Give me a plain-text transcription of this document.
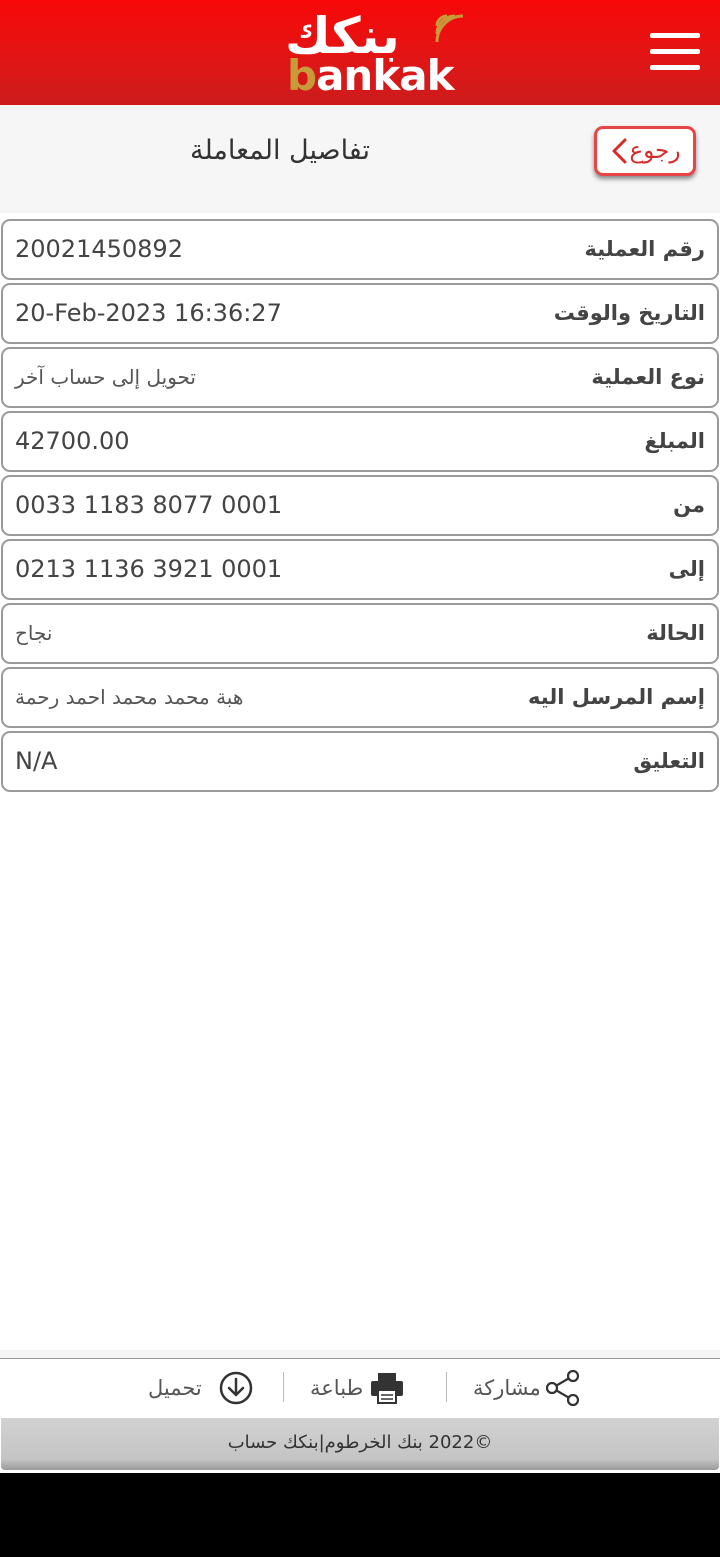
بنكك
bankak
تفاصيل المعاملة	رجوع
رقم العملية
20021450892
التاريخ والوقت
20-Feb-2023 16:36:27
نوع العملية
تحويل إلى حساب آخر
المبلغ
42700.00
من
0033 1183 8077 0001
إلى
0213 1136 3921 0001
الحالة
نجاح
إسم المرسل اليه
هبة محمد محمد احمد رحمة
التعليق
N/A
تحميل	طباعة	مشاركة
©2022 بنك الخرطوم|بنكك حساب
